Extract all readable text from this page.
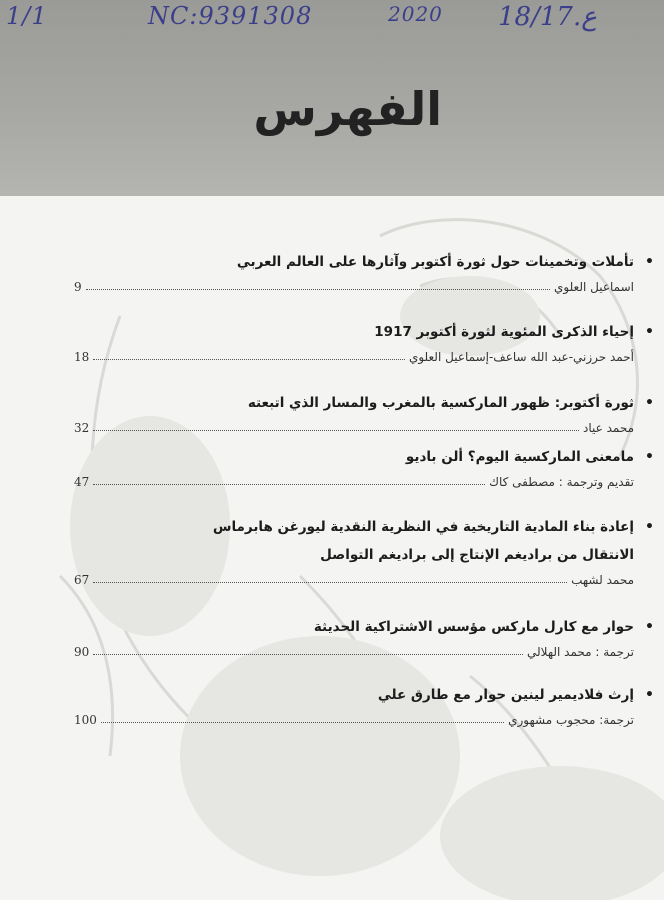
1/1	NC:9391308	2020 ع.18/17
الفهرس
•
تأملات وتخمينات حول ثورة أكتوبر وآثارها على العالم العربي
اسماعيل العلوي
9
•
إحياء الذكرى المئوية لثورة أكتوبر 1917
أحمد حرزني-عبد الله ساعف-إسماعيل العلوي
18
•
ثورة أكتوبر: ظهور الماركسية بالمغرب والمسار الذي اتبعته
محمد عياد
32
•
مامعنى الماركسية اليوم؟ ألن باديو
تقديم وترجمة : مصطفى كاك
47
•
إعادة بناء المادية التاريخية في النظرية النقدية ليورغن هابرماس
الانتقال من براديغم الإنتاج إلى براديغم التواصل
محمد لشهب
67
•
حوار مع كارل ماركس مؤسس الاشتراكية الحديثة
ترجمة : محمد الهلالي
90
•
إرث فلاديمير لينين حوار مع طارق علي
ترجمة: محجوب مشهوري
100
